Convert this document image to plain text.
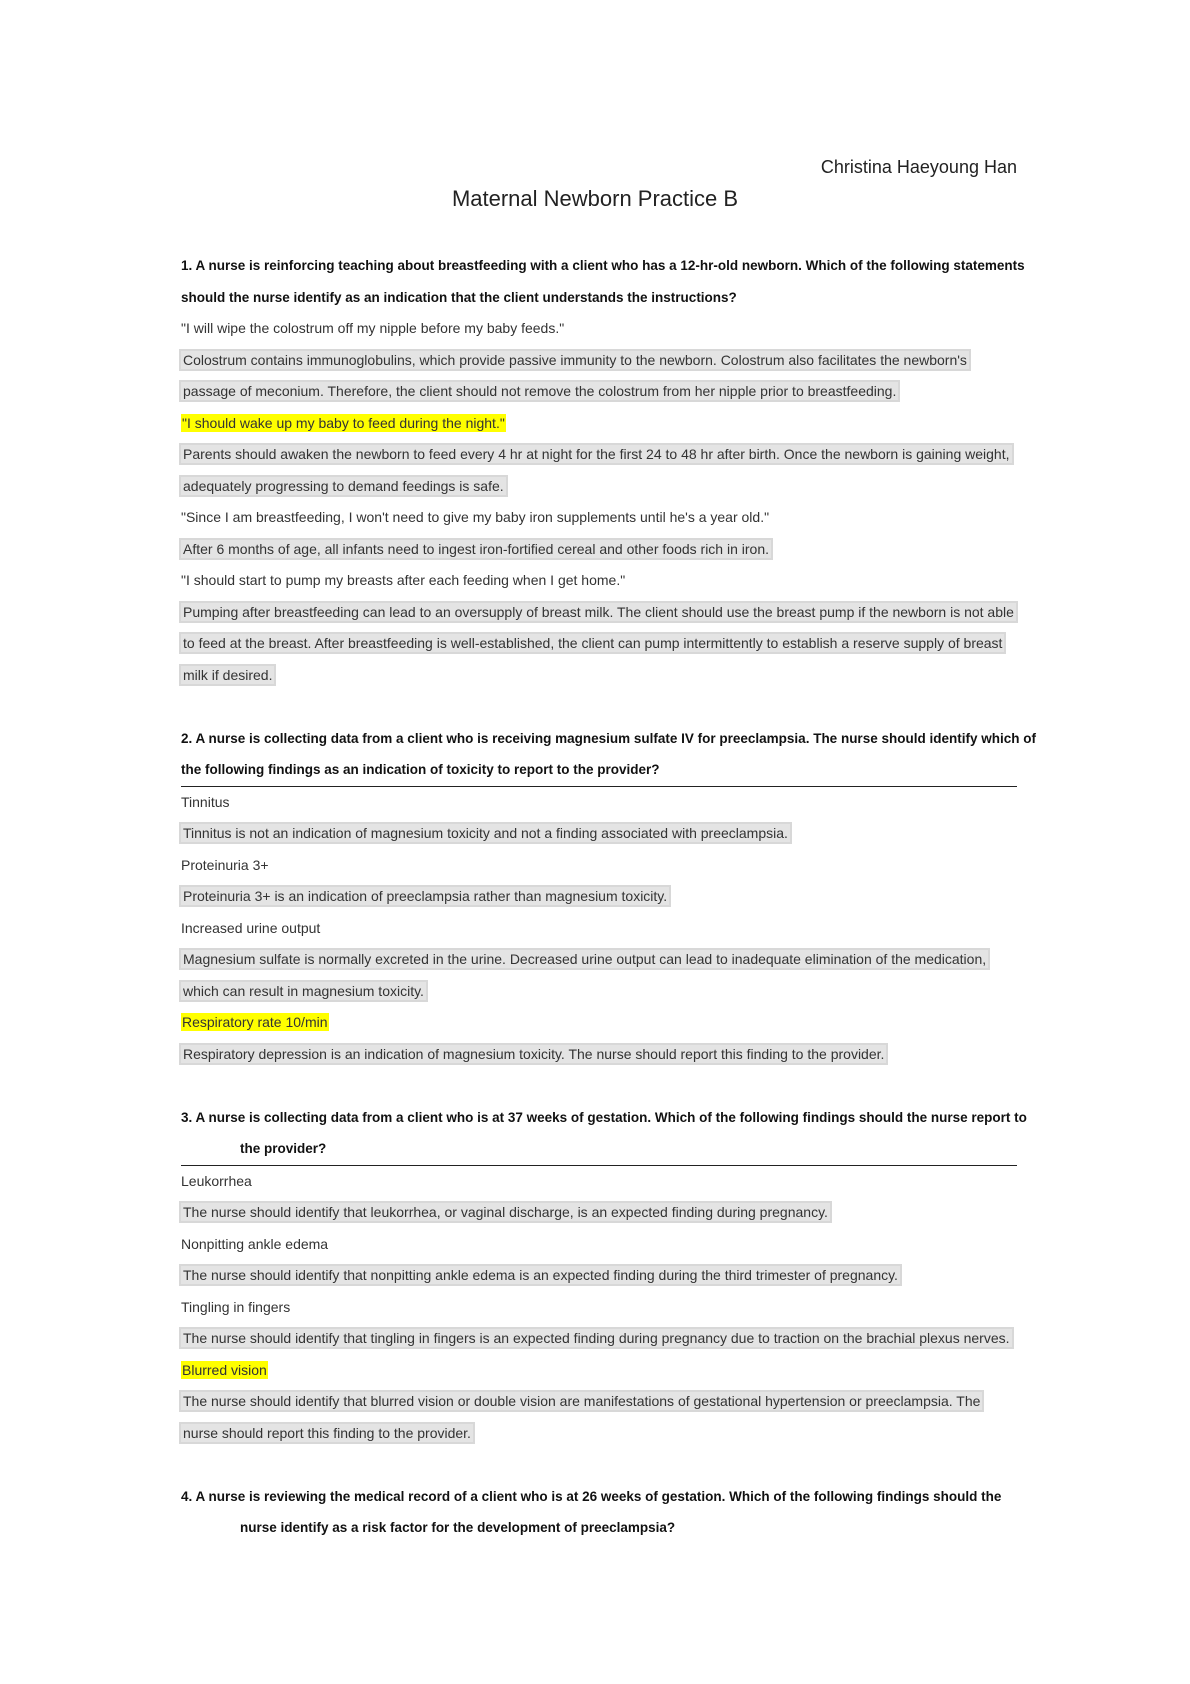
Christina Haeyoung Han
Maternal Newborn Practice B
1. A nurse is reinforcing teaching about breastfeeding with a client who has a 12-hr-old newborn. Which of the following statements
should the nurse identify as an indication that the client understands the instructions?
"I will wipe the colostrum off my nipple before my baby feeds."
Colostrum contains immunoglobulins, which provide passive immunity to the newborn. Colostrum also facilitates the newborn's
passage of meconium. Therefore, the client should not remove the colostrum from her nipple prior to breastfeeding.
"I should wake up my baby to feed during the night."
Parents should awaken the newborn to feed every 4 hr at night for the first 24 to 48 hr after birth. Once the newborn is gaining weight,
adequately progressing to demand feedings is safe.
"Since I am breastfeeding, I won't need to give my baby iron supplements until he's a year old."
After 6 months of age, all infants need to ingest iron-fortified cereal and other foods rich in iron.
"I should start to pump my breasts after each feeding when I get home."
Pumping after breastfeeding can lead to an oversupply of breast milk. The client should use the breast pump if the newborn is not able
to feed at the breast. After breastfeeding is well-established, the client can pump intermittently to establish a reserve supply of breast
milk if desired.
2. A nurse is collecting data from a client who is receiving magnesium sulfate IV for preeclampsia. The nurse should identify which of
the following findings as an indication of toxicity to report to the provider?
Tinnitus
Tinnitus is not an indication of magnesium toxicity and not a finding associated with preeclampsia.
Proteinuria 3+
Proteinuria 3+ is an indication of preeclampsia rather than magnesium toxicity.
Increased urine output
Magnesium sulfate is normally excreted in the urine. Decreased urine output can lead to inadequate elimination of the medication,
which can result in magnesium toxicity.
Respiratory rate 10/min
Respiratory depression is an indication of magnesium toxicity. The nurse should report this finding to the provider.
3. A nurse is collecting data from a client who is at 37 weeks of gestation. Which of the following findings should the nurse report to
the provider?
Leukorrhea
The nurse should identify that leukorrhea, or vaginal discharge, is an expected finding during pregnancy.
Nonpitting ankle edema
The nurse should identify that nonpitting ankle edema is an expected finding during the third trimester of pregnancy.
Tingling in fingers
The nurse should identify that tingling in fingers is an expected finding during pregnancy due to traction on the brachial plexus nerves.
Blurred vision
The nurse should identify that blurred vision or double vision are manifestations of gestational hypertension or preeclampsia. The
nurse should report this finding to the provider.
4. A nurse is reviewing the medical record of a client who is at 26 weeks of gestation. Which of the following findings should the
nurse identify as a risk factor for the development of preeclampsia?
